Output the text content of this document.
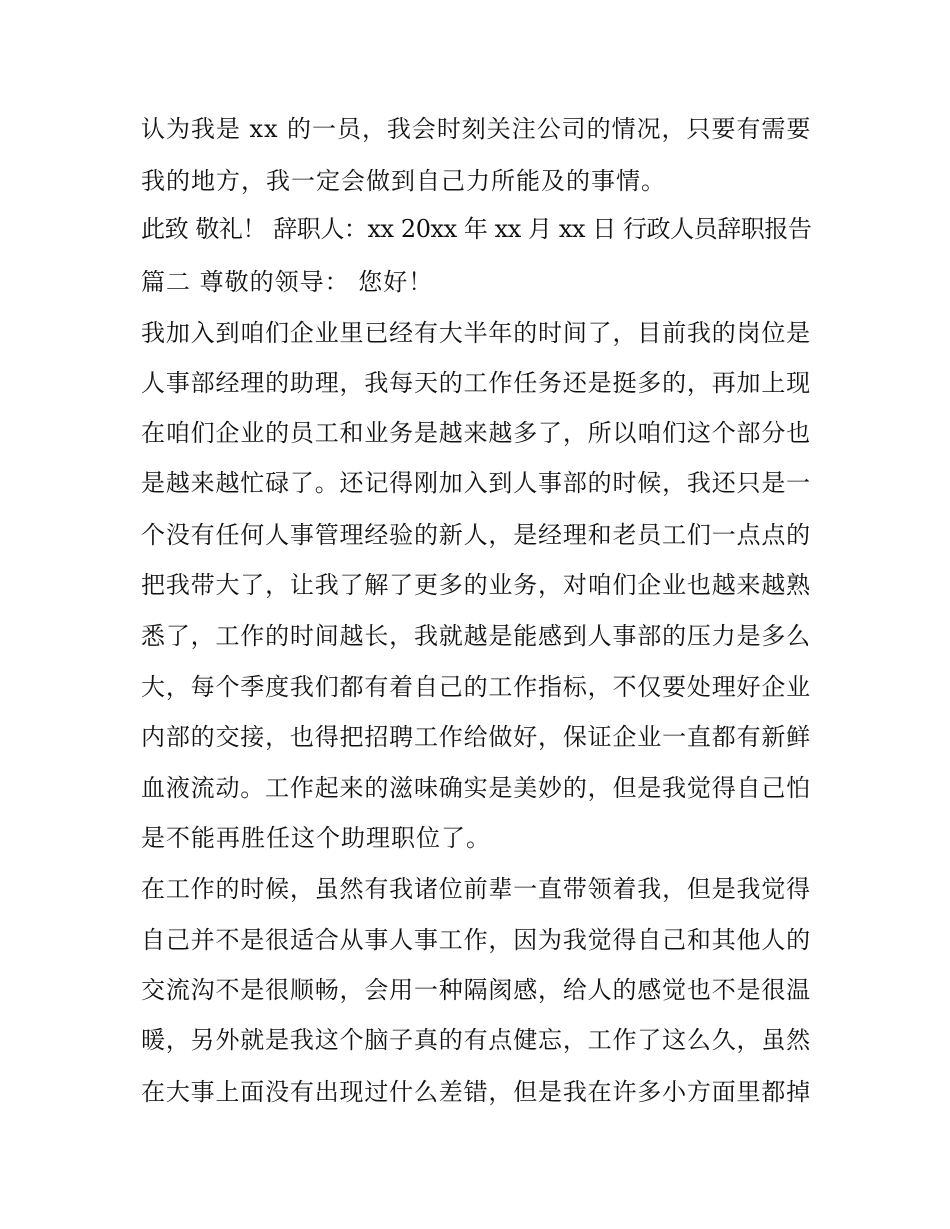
认为我是 xx 的一员，我会时刻关注公司的情况，只要有需要
我的地方，我一定会做到自己力所能及的事情。
此致 敬礼！ 辞职人：xx 20xx 年 xx 月 xx 日 行政人员辞职报告
篇二 尊敬的领导： 您好！
我加入到咱们企业里已经有大半年的时间了，目前我的岗位是
人事部经理的助理，我每天的工作任务还是挺多的，再加上现
在咱们企业的员工和业务是越来越多了，所以咱们这个部分也
是越来越忙碌了。还记得刚加入到人事部的时候，我还只是一
个没有任何人事管理经验的新人，是经理和老员工们一点点的
把我带大了，让我了解了更多的业务，对咱们企业也越来越熟
悉了，工作的时间越长，我就越是能感到人事部的压力是多么
大，每个季度我们都有着自己的工作指标，不仅要处理好企业
内部的交接，也得把招聘工作给做好，保证企业一直都有新鲜
血液流动。工作起来的滋味确实是美妙的，但是我觉得自己怕
是不能再胜任这个助理职位了。
在工作的时候，虽然有我诸位前辈一直带领着我，但是我觉得
自己并不是很适合从事人事工作，因为我觉得自己和其他人的
交流沟不是很顺畅，会用一种隔阂感，给人的感觉也不是很温
暖，另外就是我这个脑子真的有点健忘，工作了这么久，虽然
在大事上面没有出现过什么差错，但是我在许多小方面里都掉
